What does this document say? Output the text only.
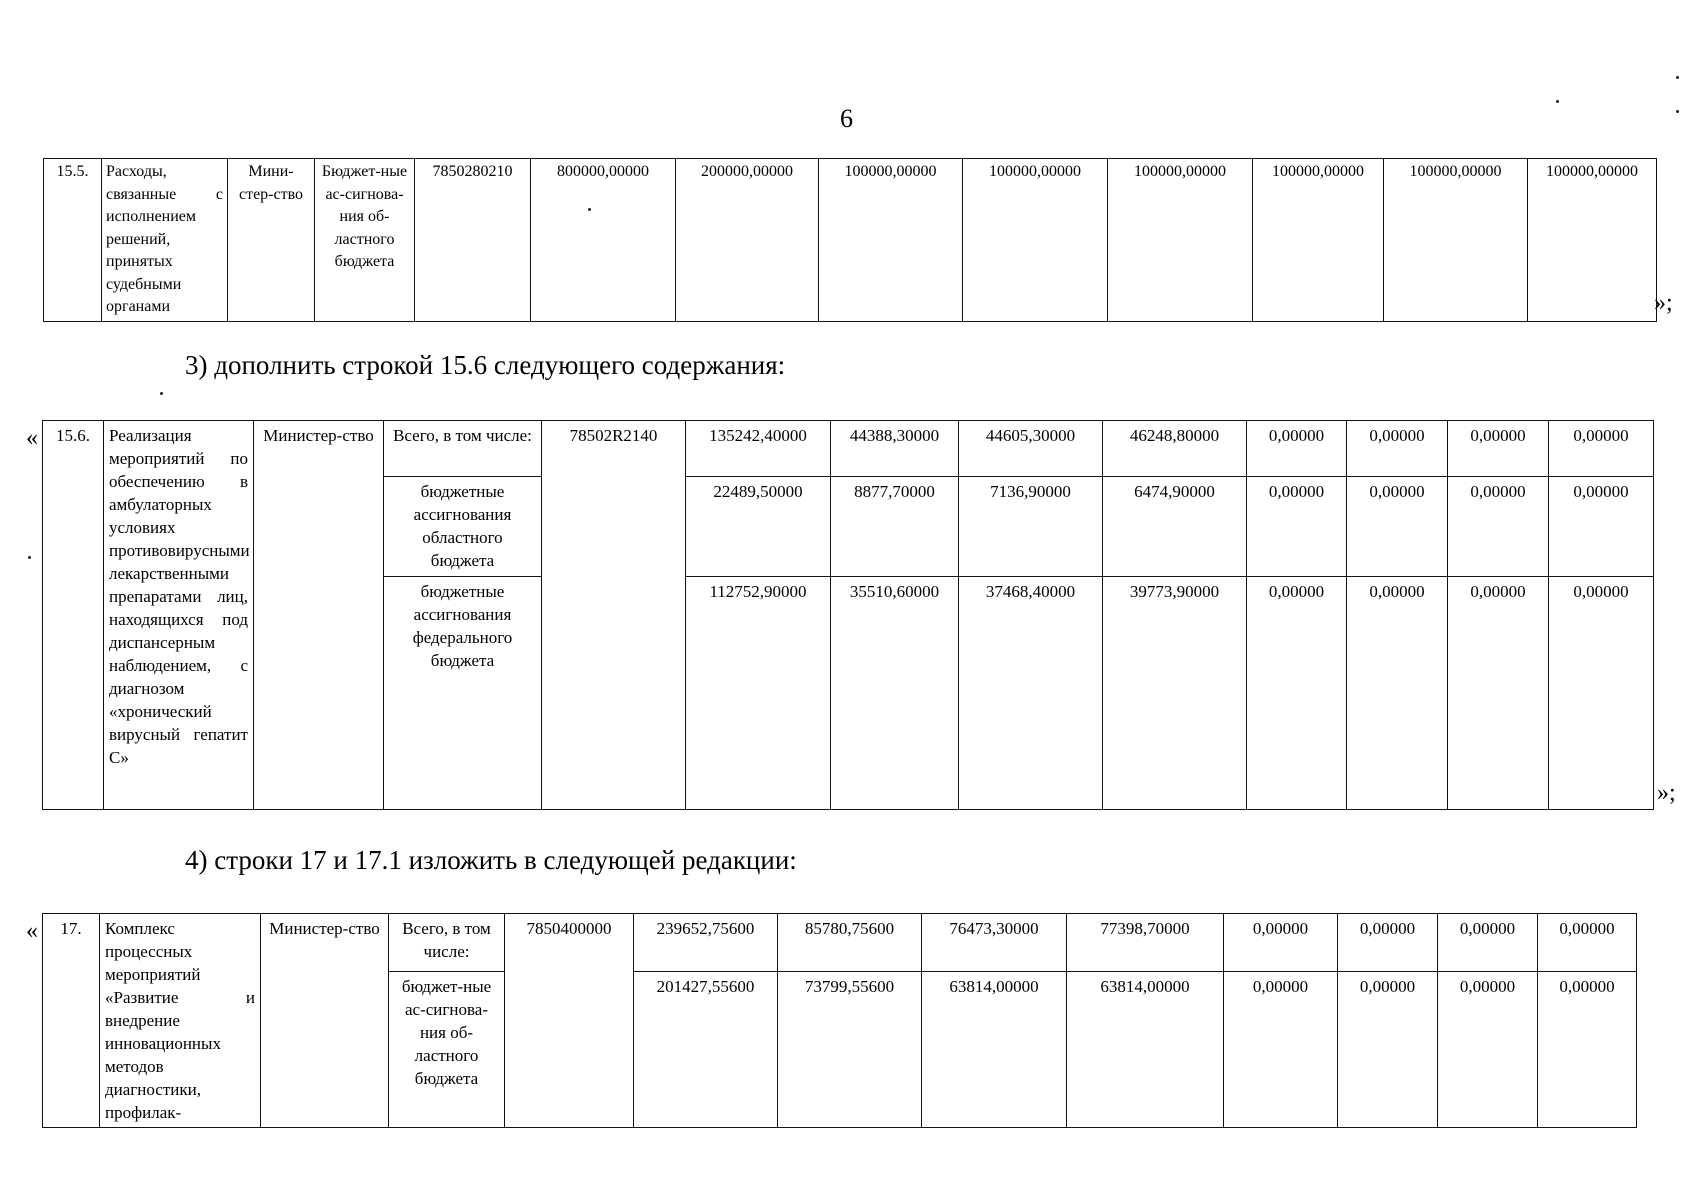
6
15.5.	Расходы, связанные с исполнением решений, принятых судебными органами	Мини-стер-ство	Бюджет-ные ас-сигнова-ния об-ластного бюджета	7850280210	800000,00000	200000,00000	100000,00000	100000,00000	100000,00000	100000,00000	100000,00000	100000,00000
»;
3) дополнить строкой 15.6 следующего содержания:
« 15.6.	Реализация мероприятий по обеспечению в амбулаторных условиях противовирусными лекарственными препаратами лиц, находящихся под диспансерным наблюдением, с диагнозом «хронический вирусный гепатит С»	Министер-ство	Всего, в том числе:	78502R2140	135242,40000	44388,30000	44605,30000	46248,80000	0,00000	0,00000	0,00000	0,00000
			бюджетные ассигнования областного бюджета		22489,50000	8877,70000	7136,90000	6474,90000	0,00000	0,00000	0,00000	0,00000
			бюджетные ассигнования федерального бюджета		112752,90000	35510,60000	37468,40000	39773,90000	0,00000	0,00000	0,00000	0,00000
»;
4) строки 17 и 17.1 изложить в следующей редакции:
« 17.	Комплекс процессных мероприятий «Развитие и внедрение инновационных методов диагностики, профилак-	Министер-ство	Всего, в том числе:	7850400000	239652,75600	85780,75600	76473,30000	77398,70000	0,00000	0,00000	0,00000	0,00000
			бюджет-ные ас-сигнова-ния об-ластного бюджета		201427,55600	73799,55600	63814,00000	63814,00000	0,00000	0,00000	0,00000	0,00000
